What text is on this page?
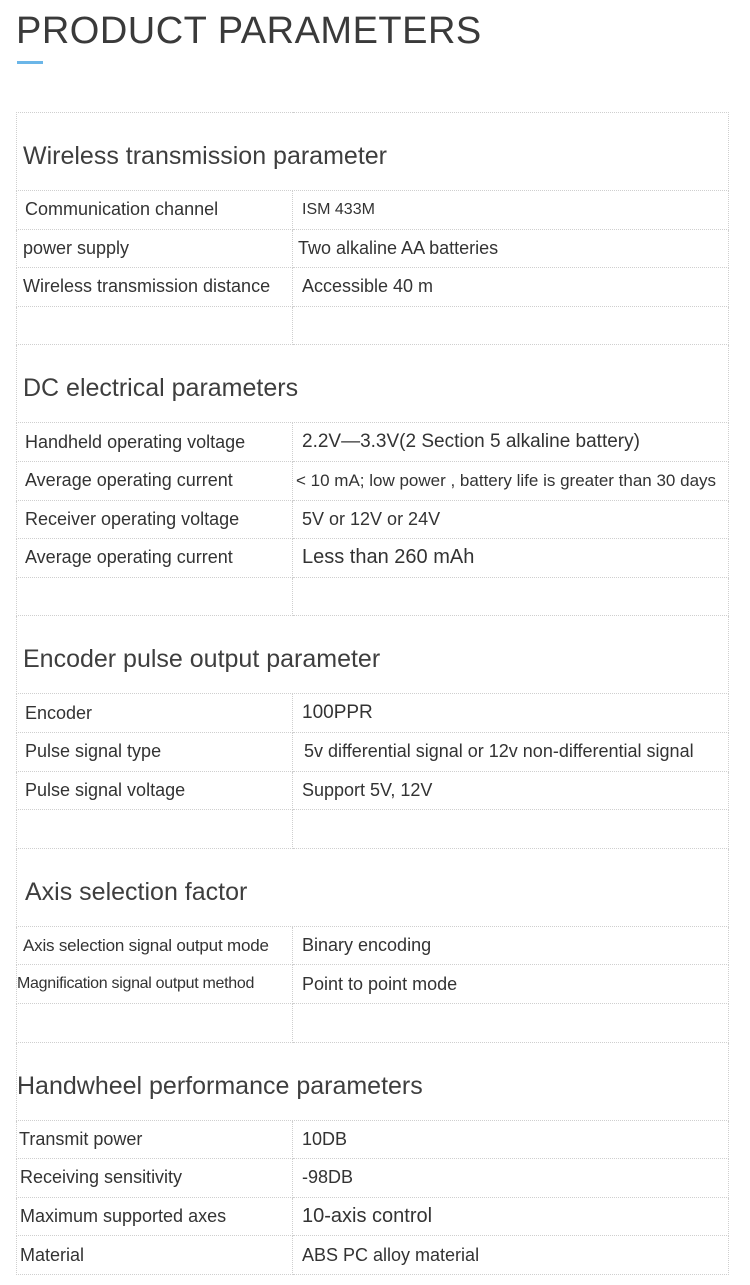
PRODUCT PARAMETERS
Wireless transmission parameter	
Communication channel	ISM 433M
power supply	Two alkaline AA batteries
Wireless transmission distance	Accessible 40 m

DC electrical parameters	
Handheld operating voltage	2.2V—3.3V(2 Section 5 alkaline battery)
Average operating current	< 10 mA; low power , battery life is greater than 30 days
Receiver operating voltage	5V or 12V or 24V
Average operating current	Less than 260 mAh

Encoder pulse output parameter	
Encoder	100PPR
Pulse signal type	5v differential signal or 12v non-differential signal
Pulse signal voltage	Support 5V, 12V

Axis selection factor	
Axis selection signal output mode	Binary encoding
Magnification signal output method	Point to point mode

Handwheel performance parameters	
Transmit power	10DB
Receiving sensitivity	-98DB
Maximum supported axes	10-axis control
Material	ABS PC alloy material
